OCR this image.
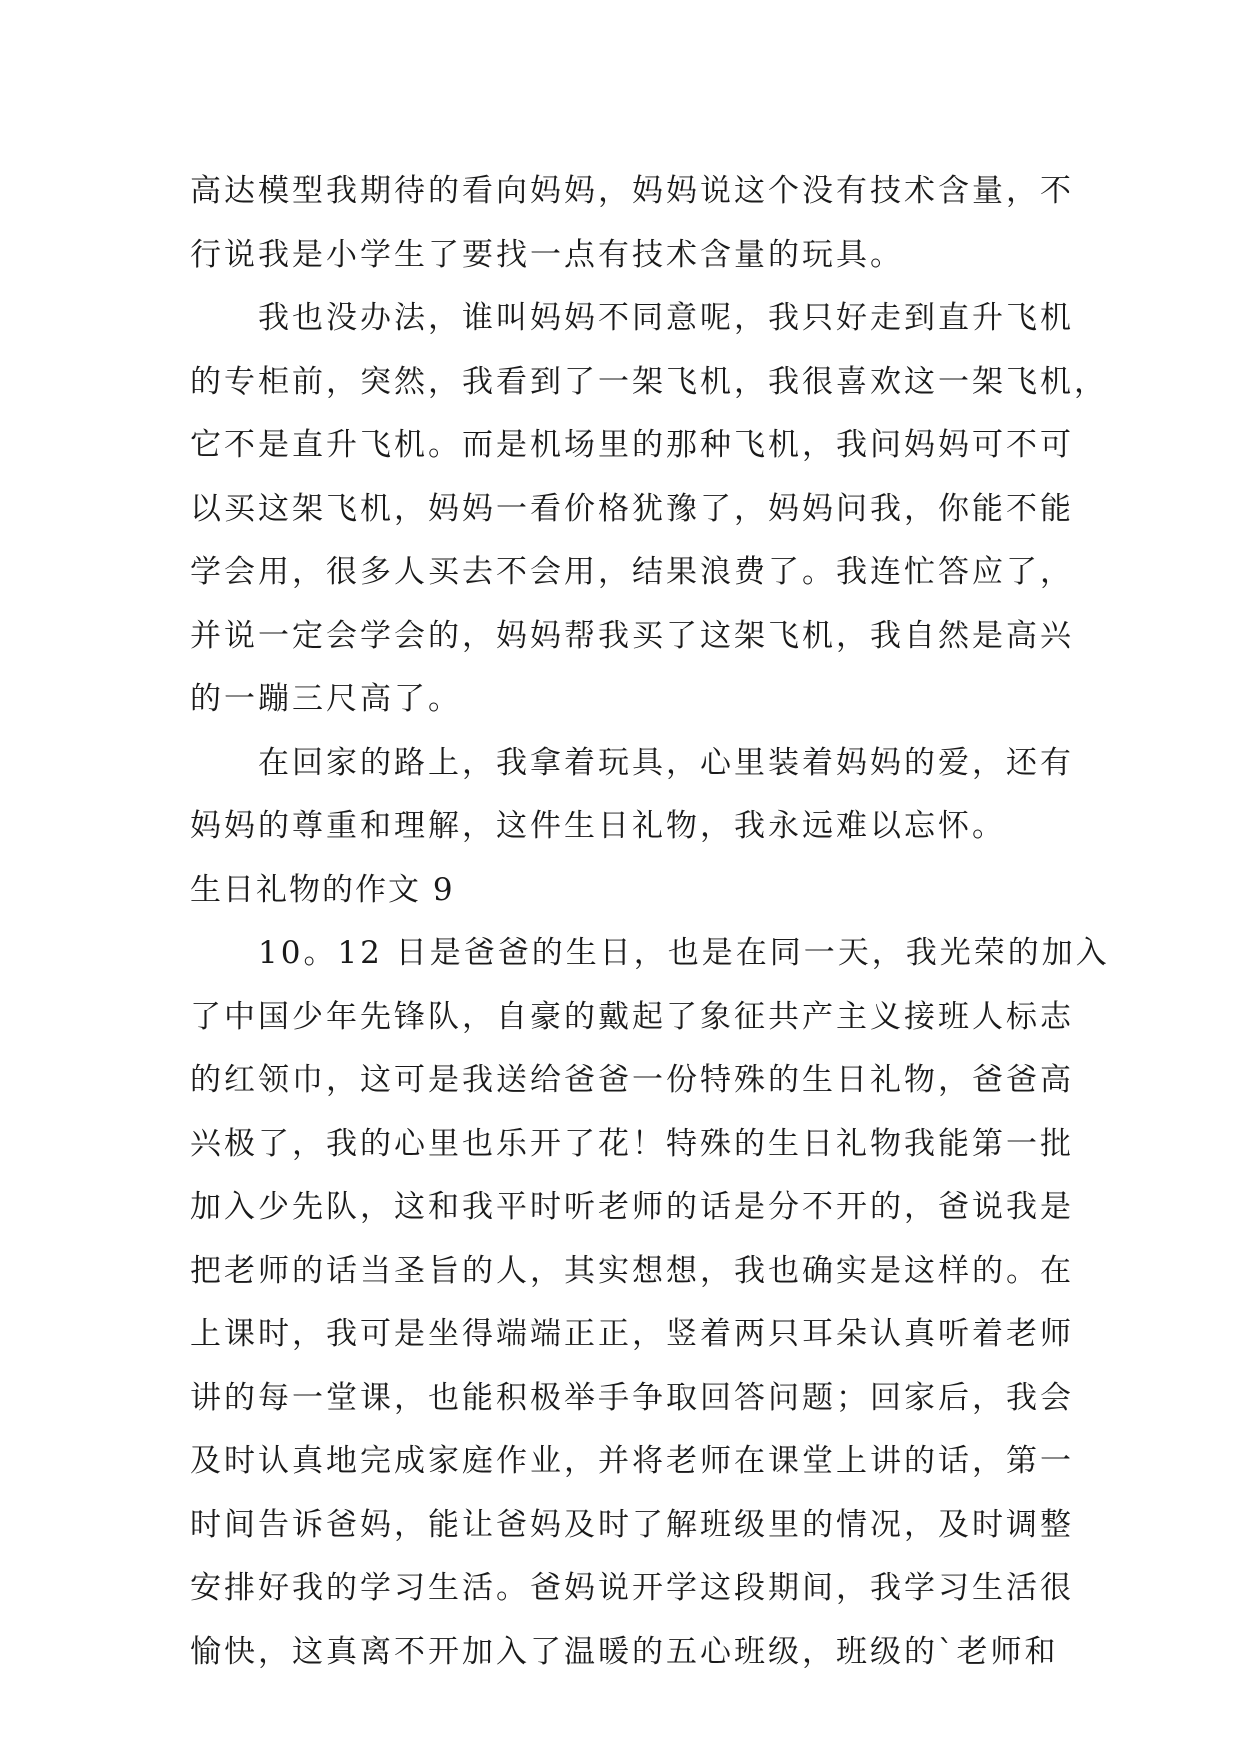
高达模型我期待的看向妈妈，妈妈说这个没有技术含量，不
行说我是小学生了要找一点有技术含量的玩具。
　　我也没办法，谁叫妈妈不同意呢，我只好走到直升飞机
的专柜前，突然，我看到了一架飞机，我很喜欢这一架飞机，
它不是直升飞机。而是机场里的那种飞机，我问妈妈可不可
以买这架飞机，妈妈一看价格犹豫了，妈妈问我，你能不能
学会用，很多人买去不会用，结果浪费了。我连忙答应了，
并说一定会学会的，妈妈帮我买了这架飞机，我自然是高兴
的一蹦三尺高了。
　　在回家的路上，我拿着玩具，心里装着妈妈的爱，还有
妈妈的尊重和理解，这件生日礼物，我永远难以忘怀。
生日礼物的作文 9
　　10。12 日是爸爸的生日，也是在同一天，我光荣的加入
了中国少年先锋队，自豪的戴起了象征共产主义接班人标志
的红领巾，这可是我送给爸爸一份特殊的生日礼物，爸爸高
兴极了，我的心里也乐开了花！特殊的生日礼物我能第一批
加入少先队，这和我平时听老师的话是分不开的，爸说我是
把老师的话当圣旨的人，其实想想，我也确实是这样的。在
上课时，我可是坐得端端正正，竖着两只耳朵认真听着老师
讲的每一堂课，也能积极举手争取回答问题；回家后，我会
及时认真地完成家庭作业，并将老师在课堂上讲的话，第一
时间告诉爸妈，能让爸妈及时了解班级里的情况，及时调整
安排好我的学习生活。爸妈说开学这段期间，我学习生活很
愉快，这真离不开加入了温暖的五心班级，班级的`老师和
